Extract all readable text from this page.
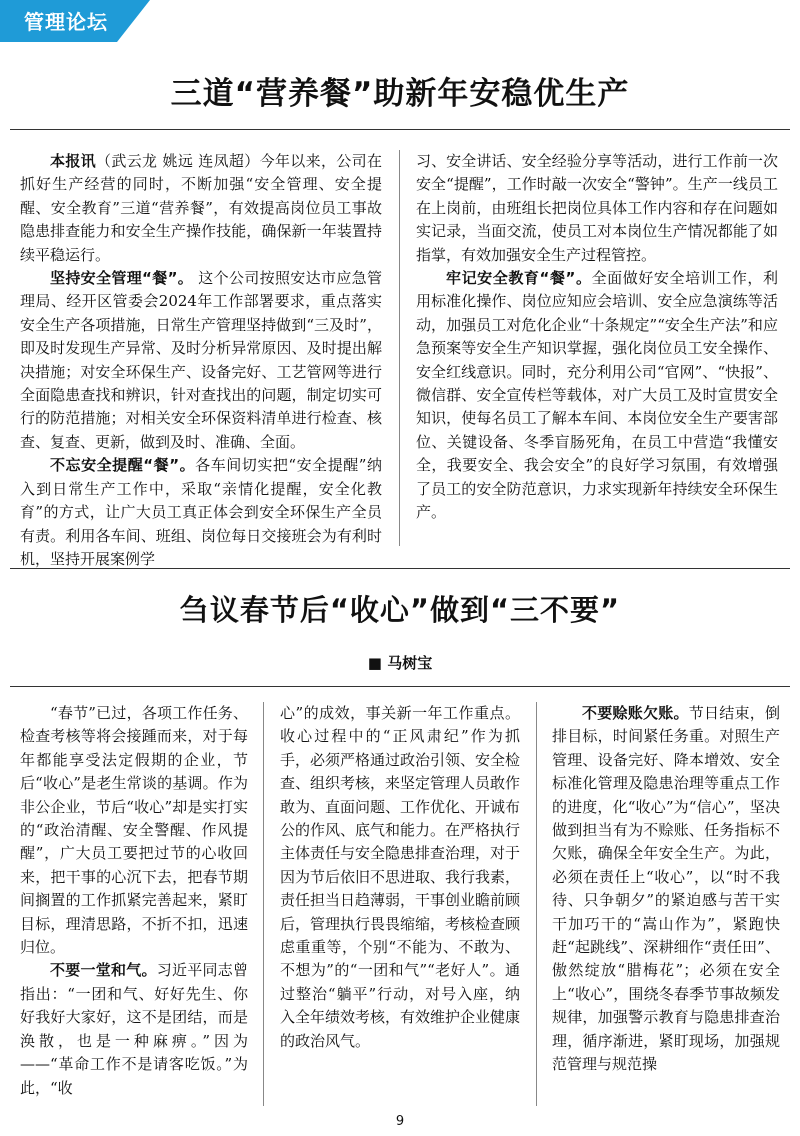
管理论坛
三道“营养餐”助新年安稳优生产

本报讯（武云龙 姚远 连凤超）今年以来，公司在抓好生产经营的同时，不断加强“安全管理、安全提醒、安全教育”三道“营养餐”，有效提高岗位员工事故隐患排查能力和安全生产操作技能，确保新一年装置持续平稳运行。

坚持安全管理“餐”。 这个公司按照安达市应急管理局、经开区管委会2024年工作部署要求，重点落实安全生产各项措施，日常生产管理坚持做到“三及时”，即及时发现生产异常、及时分析异常原因、及时提出解决措施；对安全环保生产、设备完好、工艺管网等进行全面隐患查找和辨识，针对查找出的问题，制定切实可行的防范措施；对相关安全环保资料清单进行检查、核查、复查、更新，做到及时、准确、全面。

不忘安全提醒“餐”。各车间切实把“安全提醒”纳入到日常生产工作中，采取“亲情化提醒，安全化教育”的方式，让广大员工真正体会到安全环保生产全员有责。利用各车间、班组、岗位每日交接班会为有利时机，坚持开展案例学

习、安全讲话、安全经验分享等活动，进行工作前一次安全“提醒”，工作时敲一次安全“警钟”。生产一线员工在上岗前，由班组长把岗位具体工作内容和存在问题如实记录，当面交流，使员工对本岗位生产情况都能了如指掌，有效加强安全生产过程管控。

牢记安全教育“餐”。全面做好安全培训工作，利用标准化操作、岗位应知应会培训、安全应急演练等活动，加强员工对危化企业“十条规定”“安全生产法”和应急预案等安全生产知识掌握，强化岗位员工安全操作、安全红线意识。同时，充分利用公司“官网”、“快报”、微信群、安全宣传栏等载体，对广大员工及时宣贯安全知识，使每名员工了解本车间、本岗位安全生产要害部位、关键设备、冬季盲肠死角，在员工中营造“我懂安全，我要安全、我会安全”的良好学习氛围，有效增强了员工的安全防范意识，力求实现新年持续安全环保生产。

刍议春节后“收心”做到“三不要”
■ 马树宝

“春节”已过，各项工作任务、检查考核等将会接踵而来，对于每年都能享受法定假期的企业，节后“收心”是老生常谈的基调。作为非公企业，节后“收心”却是实打实的“政治清醒、安全警醒、作风提醒”，广大员工要把过节的心收回来，把干事的心沉下去，把春节期间搁置的工作抓紧完善起来，紧盯目标，理清思路，不折不扣，迅速归位。

不要一堂和气。习近平同志曾指出：“一团和气、好好先生、你好我好大家好，这不是团结，而是涣散，也是一种麻痹。”因为——“革命工作不是请客吃饭。”为此，“收

心”的成效，事关新一年工作重点。收心过程中的“正风肃纪”作为抓手，必须严格通过政治引领、安全检查、组织考核，来坚定管理人员敢作敢为、直面问题、工作优化、开诚布公的作风、底气和能力。在严格执行主体责任与安全隐患排查治理，对于因为节后依旧不思进取、我行我素，责任担当日趋薄弱，干事创业瞻前顾后，管理执行畏畏缩缩，考核检查顾虑重重等，个别“不能为、不敢为、不想为”的“一团和气”“老好人”。通过整治“躺平”行动，对号入座，纳入全年绩效考核，有效维护企业健康的政治风气。

不要赊账欠账。节日结束，倒排目标，时间紧任务重。对照生产管理、设备完好、降本增效、安全标准化管理及隐患治理等重点工作的进度，化“收心”为“信心”，坚决做到担当有为不赊账、任务指标不欠账，确保全年安全生产。为此，必须在责任上“收心”，以“时不我待、只争朝夕”的紧迫感与苦干实干加巧干的“嵩山作为”，紧跑快赶“起跳线”、深耕细作“责任田”、傲然绽放“腊梅花”；必须在安全上“收心”，围绕冬春季节事故频发规律，加强警示教育与隐患排查治理，循序渐进，紧盯现场，加强规范管理与规范操

9
